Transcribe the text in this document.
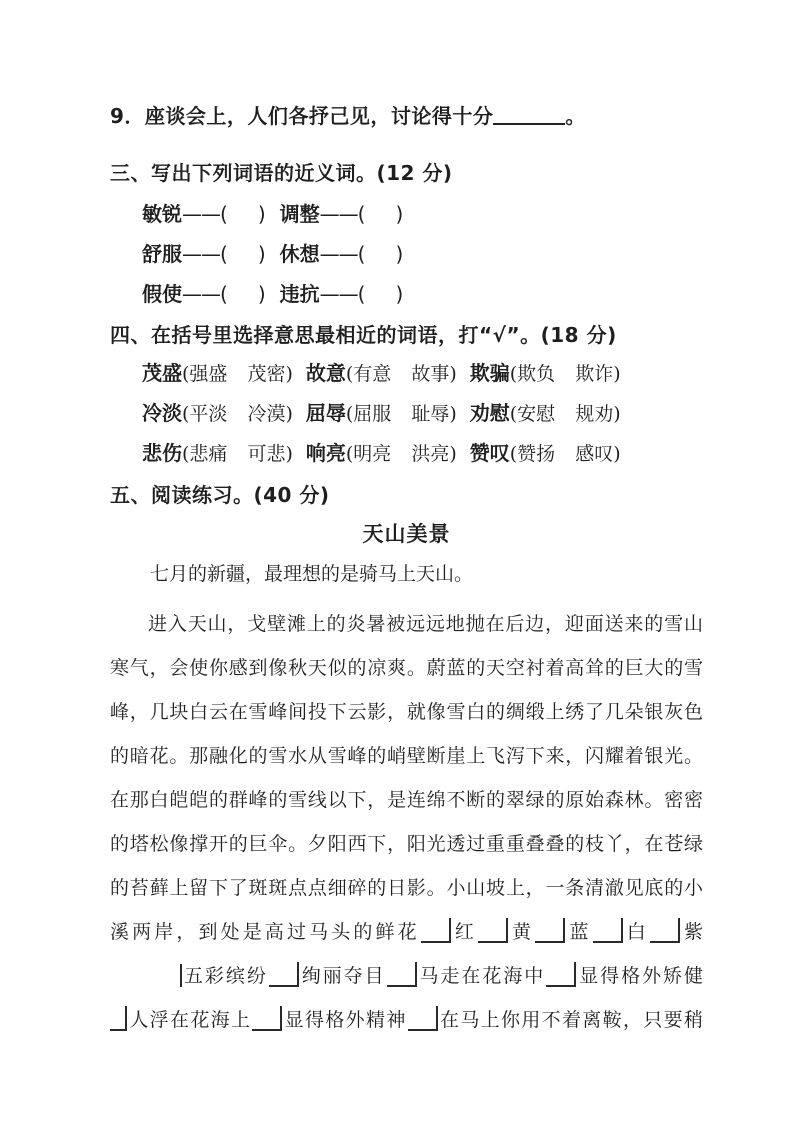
9．座谈会上，人们各抒己见，讨论得十分	。
三、写出下列词语的近义词。(12 分)
敏锐——( ) 调整——( )
舒服——( ) 休想——( )
假使——( ) 违抗——( )
四、在括号里选择意思最相近的词语，打“√”。(18 分)
茂盛(强盛 茂密) 故意(有意 故事) 欺骗(欺负 欺诈)
冷淡(平淡 冷漠) 屈辱(屈服 耻辱) 劝慰(安慰 规劝)
悲伤(悲痛 可悲) 响亮(明亮 洪亮) 赞叹(赞扬 感叹)
五、阅读练习。(40 分)
天山美景
七月的新疆，最理想的是骑马上天山。
进入天山，戈壁滩上的炎暑被远远地抛在后边，迎面送来的雪山
寒气，会使你感到像秋天似的凉爽。蔚蓝的天空衬着高耸的巨大的雪
峰，几块白云在雪峰间投下云影，就像雪白的绸缎上绣了几朵银灰色
的暗花。那融化的雪水从雪峰的峭壁断崖上飞泻下来，闪耀着银光。
在那白皑皑的群峰的雪线以下，是连绵不断的翠绿的原始森林。密密
的塔松像撑开的巨伞。夕阳西下，阳光透过重重叠叠的枝丫，在苍绿
的苔藓上留下了斑斑点点细碎的日影。小山坡上，一条清澈见底的小
溪两岸，到处是高过马头的鲜花 红 黄 蓝 白 紫
五彩缤纷 绚丽夺目 马走在花海中 显得格外矫健
人浮在花海上 显得格外精神 在马上你用不着离鞍，只要稍
